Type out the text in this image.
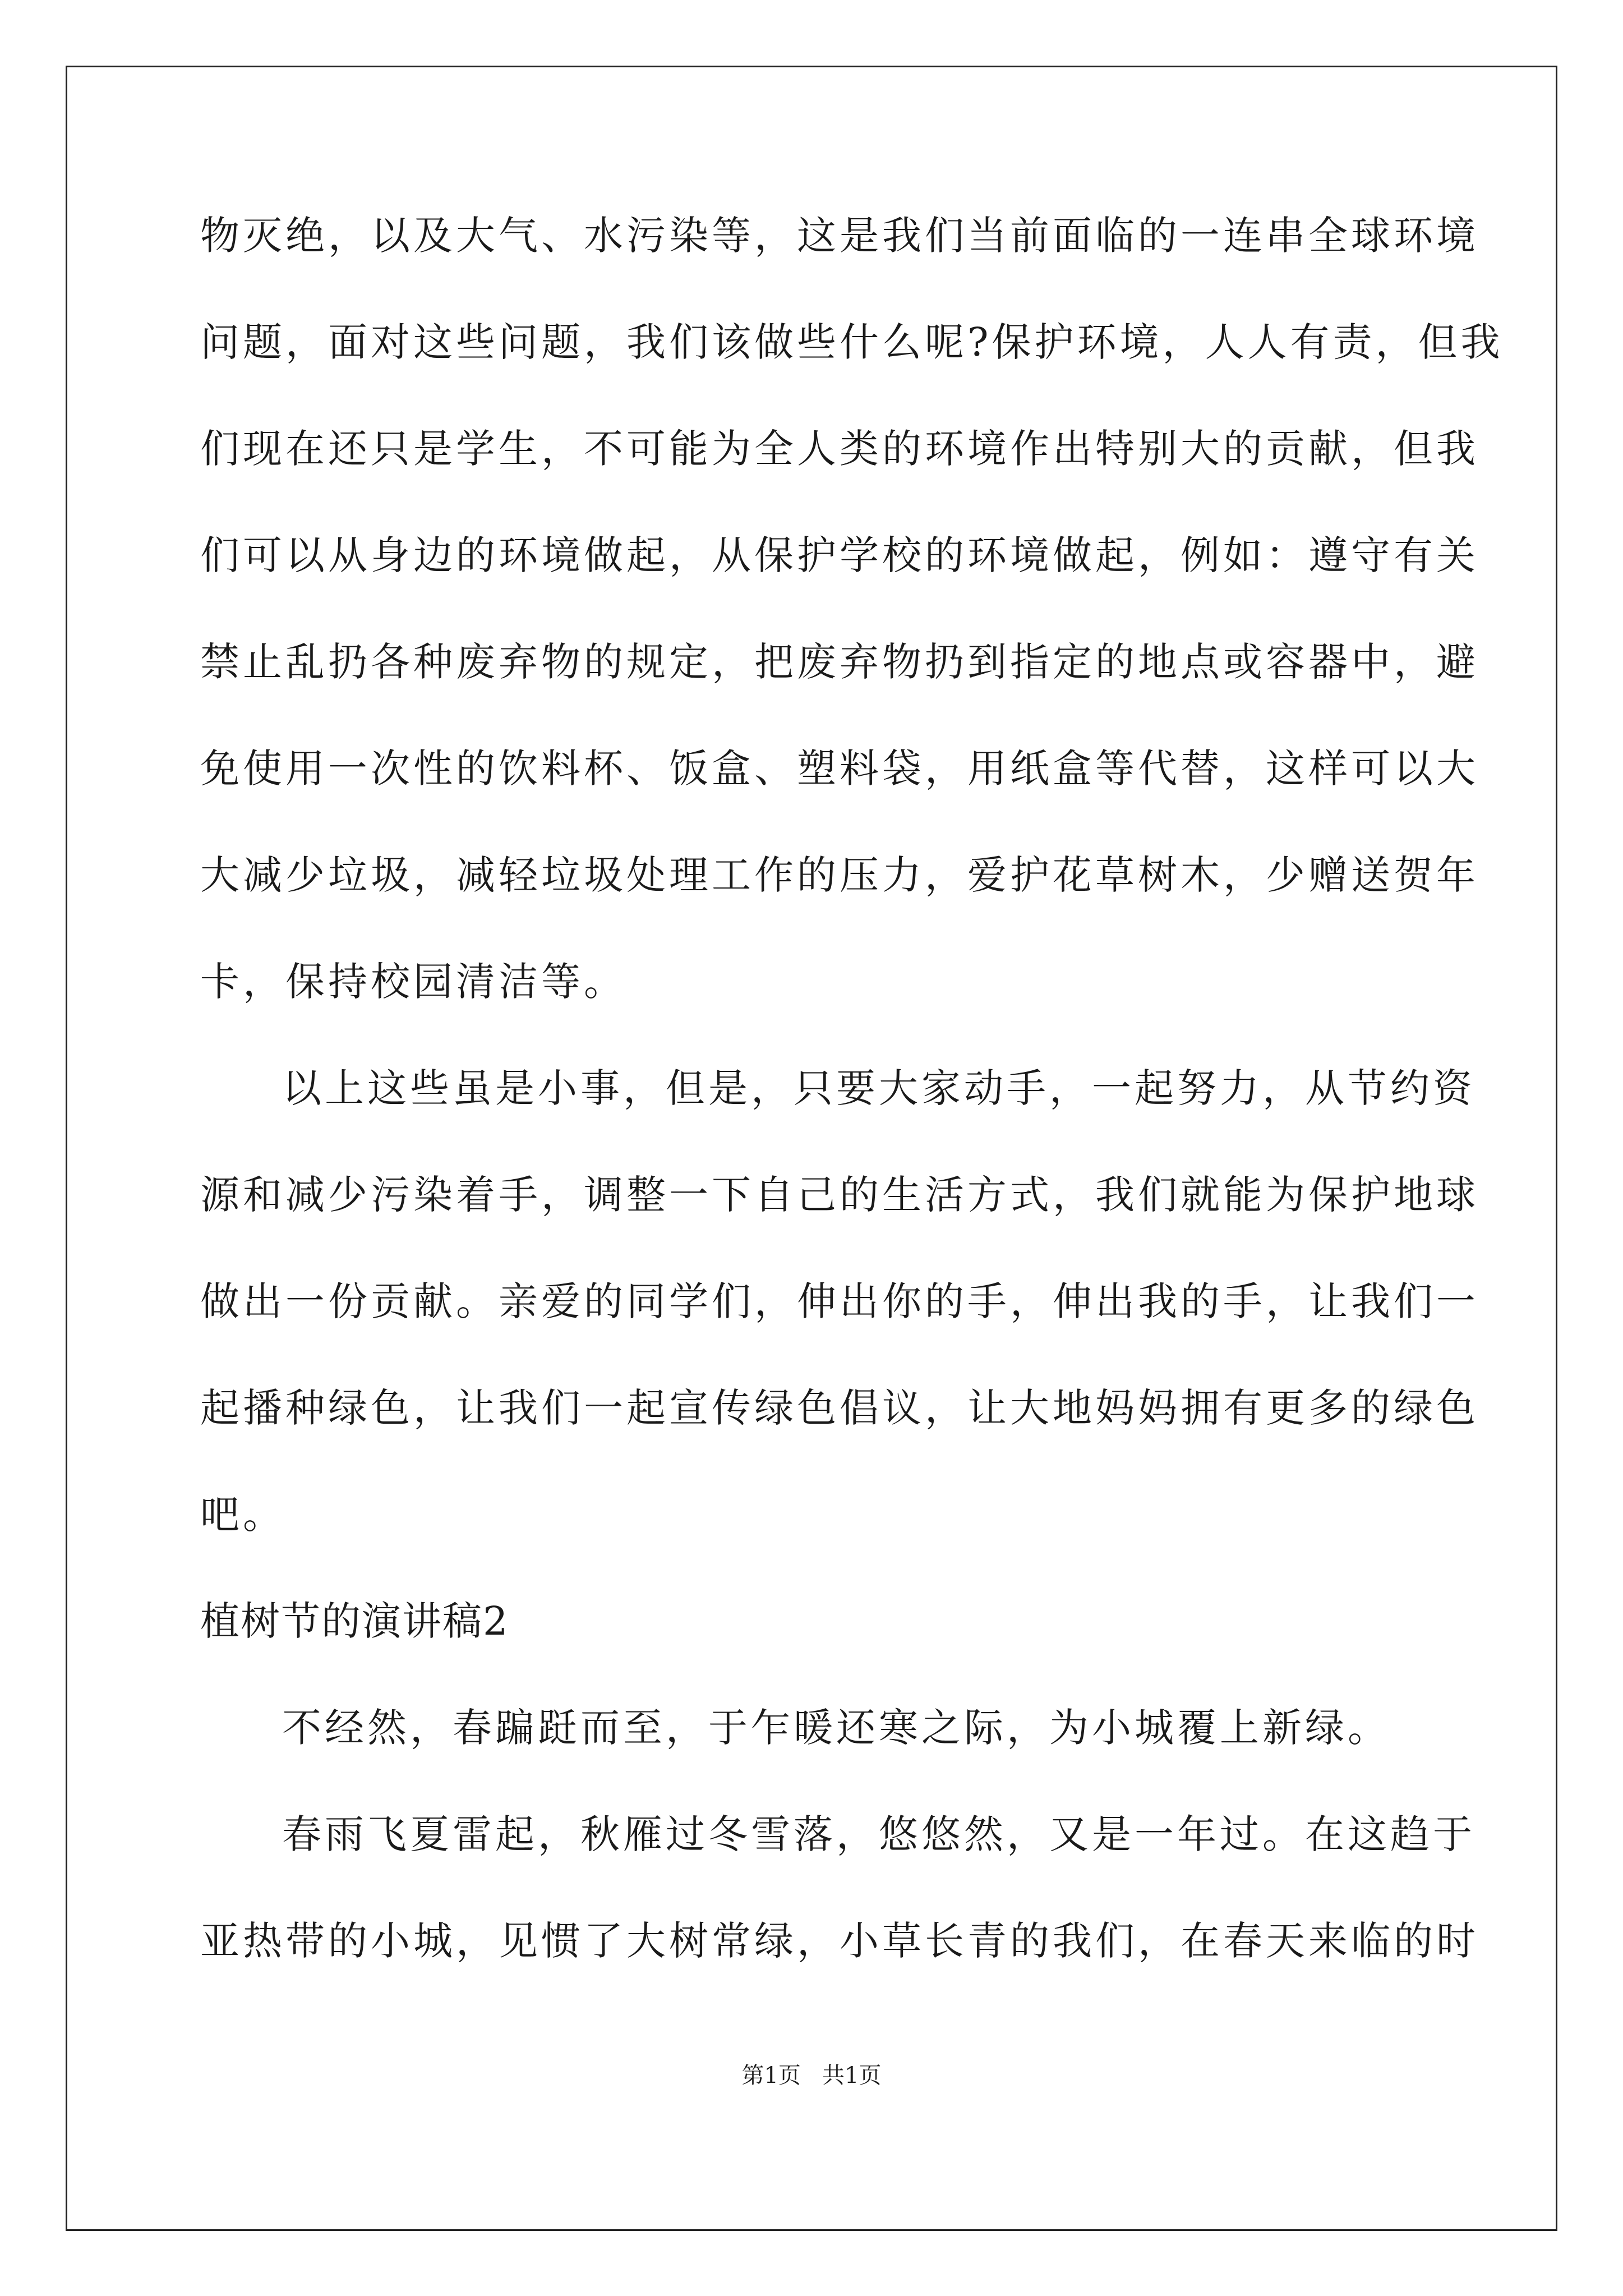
物灭绝，以及大气、水污染等，这是我们当前面临的一连串全球环境
问题，面对这些问题，我们该做些什么呢?保护环境，人人有责，但我
们现在还只是学生，不可能为全人类的环境作出特别大的贡献，但我
们可以从身边的环境做起，从保护学校的环境做起，例如：遵守有关
禁止乱扔各种废弃物的规定，把废弃物扔到指定的地点或容器中，避
免使用一次性的饮料杯、饭盒、塑料袋，用纸盒等代替，这样可以大
大减少垃圾，减轻垃圾处理工作的压力，爱护花草树木，少赠送贺年
卡，保持校园清洁等。
以上这些虽是小事，但是，只要大家动手，一起努力，从节约资
源和减少污染着手，调整一下自己的生活方式，我们就能为保护地球
做出一份贡献。亲爱的同学们，伸出你的手，伸出我的手，让我们一
起播种绿色，让我们一起宣传绿色倡议，让大地妈妈拥有更多的绿色
吧。
植树节的演讲稿2
不经然，春蹁跹而至，于乍暖还寒之际，为小城覆上新绿。
春雨飞夏雷起，秋雁过冬雪落，悠悠然，又是一年过。在这趋于
亚热带的小城，见惯了大树常绿，小草长青的我们，在春天来临的时
第1页   共1页
